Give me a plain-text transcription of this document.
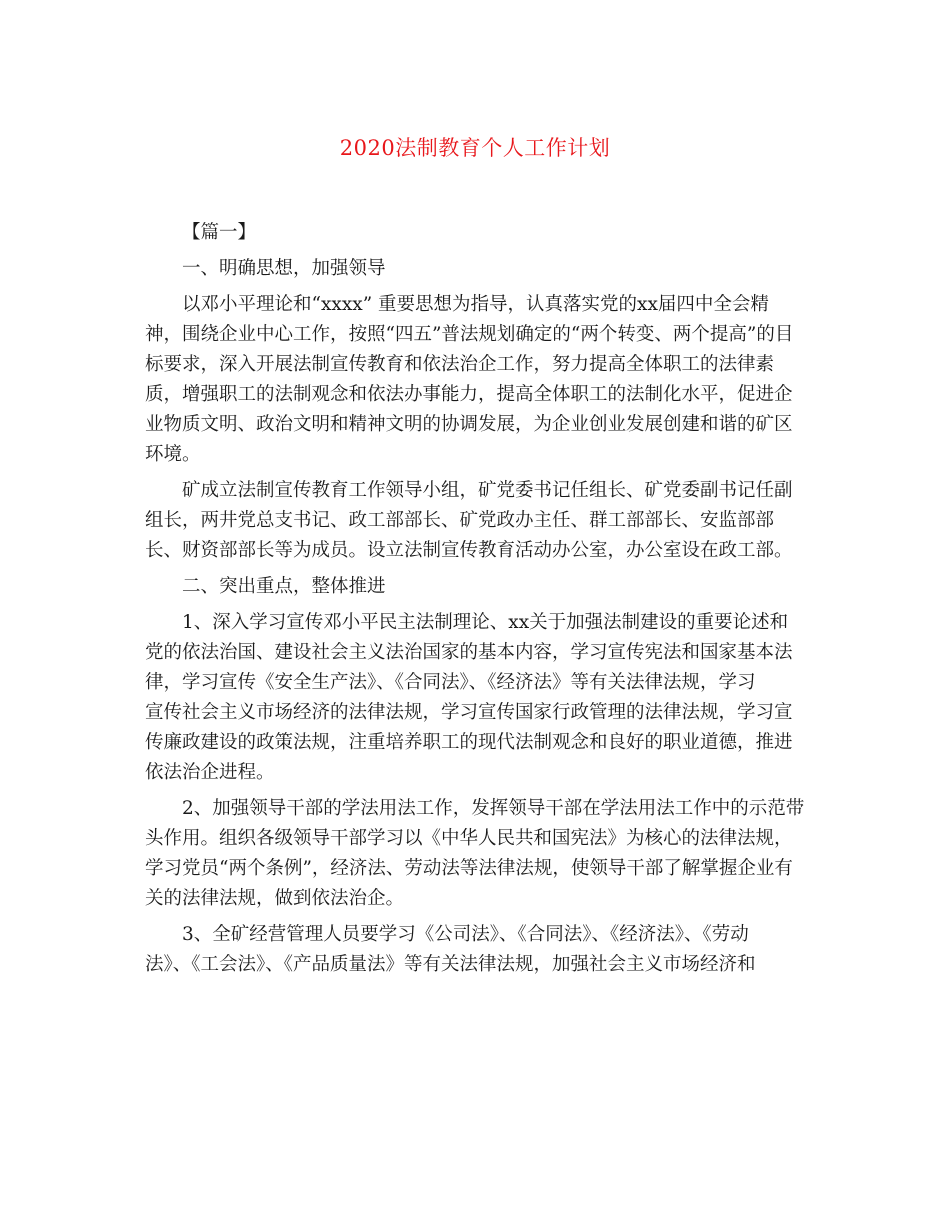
2020法制教育个人工作计划
【篇一】
一、明确思想，加强领导
以邓小平理论和“xxxx” 重要思想为指导，认真落实党的xx届四中全会精
神，围绕企业中心工作，按照“四五”普法规划确定的“两个转变、两个提高”的目
标要求，深入开展法制宣传教育和依法治企工作，努力提高全体职工的法律素
质，增强职工的法制观念和依法办事能力，提高全体职工的法制化水平，促进企
业物质文明、政治文明和精神文明的协调发展，为企业创业发展创建和谐的矿区
环境。
矿成立法制宣传教育工作领导小组，矿党委书记任组长、矿党委副书记任副
组长，两井党总支书记、政工部部长、矿党政办主任、群工部部长、安监部部
长、财资部部长等为成员。设立法制宣传教育活动办公室，办公室设在政工部。
二、突出重点，整体推进
1、深入学习宣传邓小平民主法制理论、xx关于加强法制建设的重要论述和
党的依法治国、建设社会主义法治国家的基本内容，学习宣传宪法和国家基本法
律，学习宣传《安全生产法》、《合同法》、《经济法》等有关法律法规，学习
宣传社会主义市场经济的法律法规，学习宣传国家行政管理的法律法规，学习宣
传廉政建设的政策法规，注重培养职工的现代法制观念和良好的职业道德，推进
依法治企进程。
2、加强领导干部的学法用法工作，发挥领导干部在学法用法工作中的示范带
头作用。组织各级领导干部学习以《中华人民共和国宪法》为核心的法律法规，
学习党员“两个条例”，经济法、劳动法等法律法规，使领导干部了解掌握企业有
关的法律法规，做到依法治企。
3、全矿经营管理人员要学习《公司法》、《合同法》、《经济法》、《劳动
法》、《工会法》、《产品质量法》等有关法律法规，加强社会主义市场经济和
